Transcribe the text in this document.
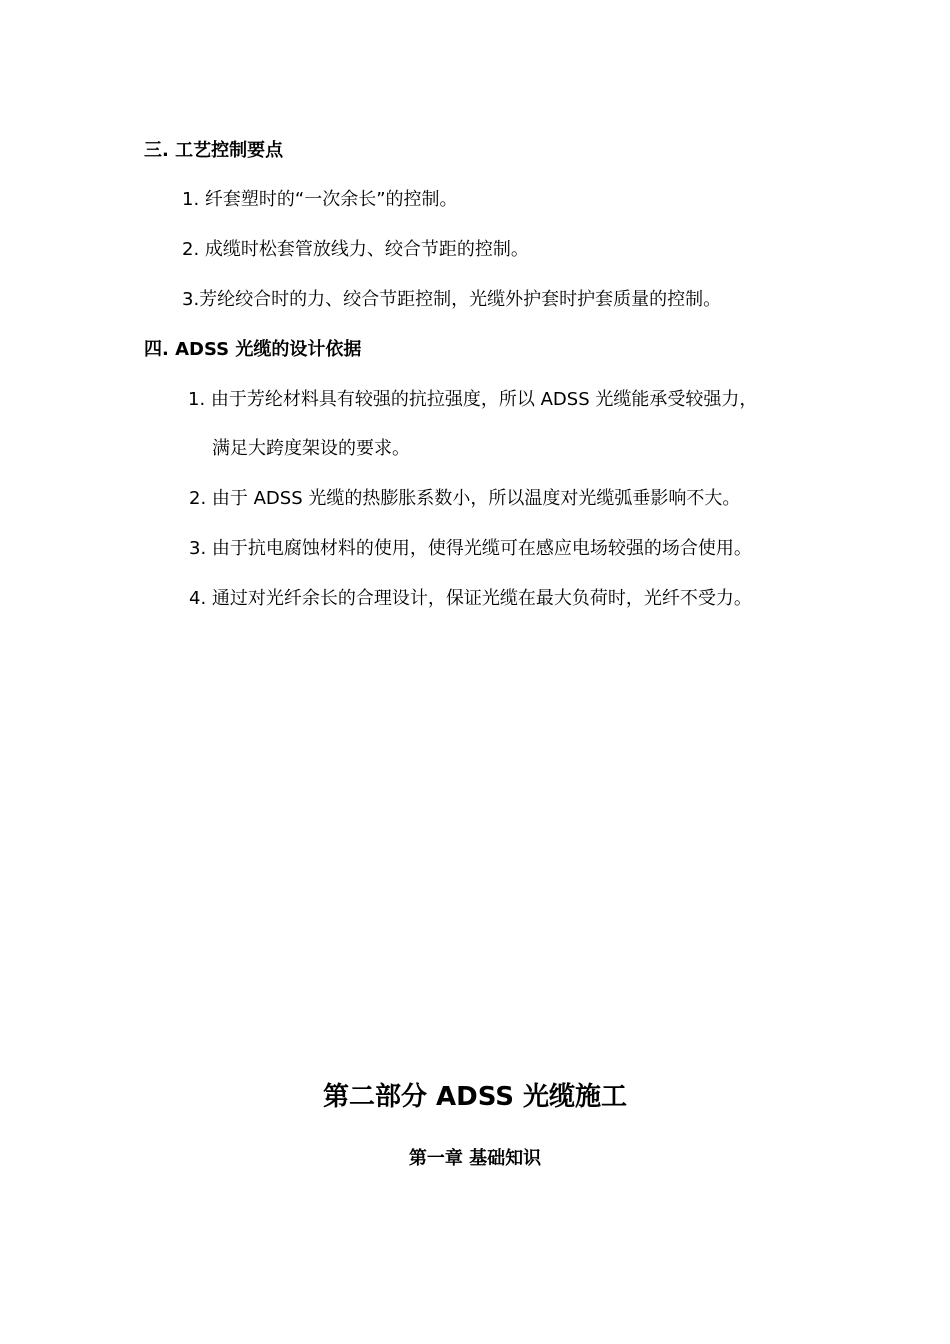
三. 工艺控制要点
1. 纤套塑时的“一次余长”的控制。
2. 成缆时松套管放线力、绞合节距的控制。
3.芳纶绞合时的力、绞合节距控制，光缆外护套时护套质量的控制。
四. ADSS 光缆的设计依据
1. 由于芳纶材料具有较强的抗拉强度，所以 ADSS 光缆能承受较强力，
满足大跨度架设的要求。
2. 由于 ADSS 光缆的热膨胀系数小，所以温度对光缆弧垂影响不大。
3. 由于抗电腐蚀材料的使用，使得光缆可在感应电场较强的场合使用。
4. 通过对光纤余长的合理设计，保证光缆在最大负荷时，光纤不受力。
第二部分 ADSS 光缆施工
第一章 基础知识
